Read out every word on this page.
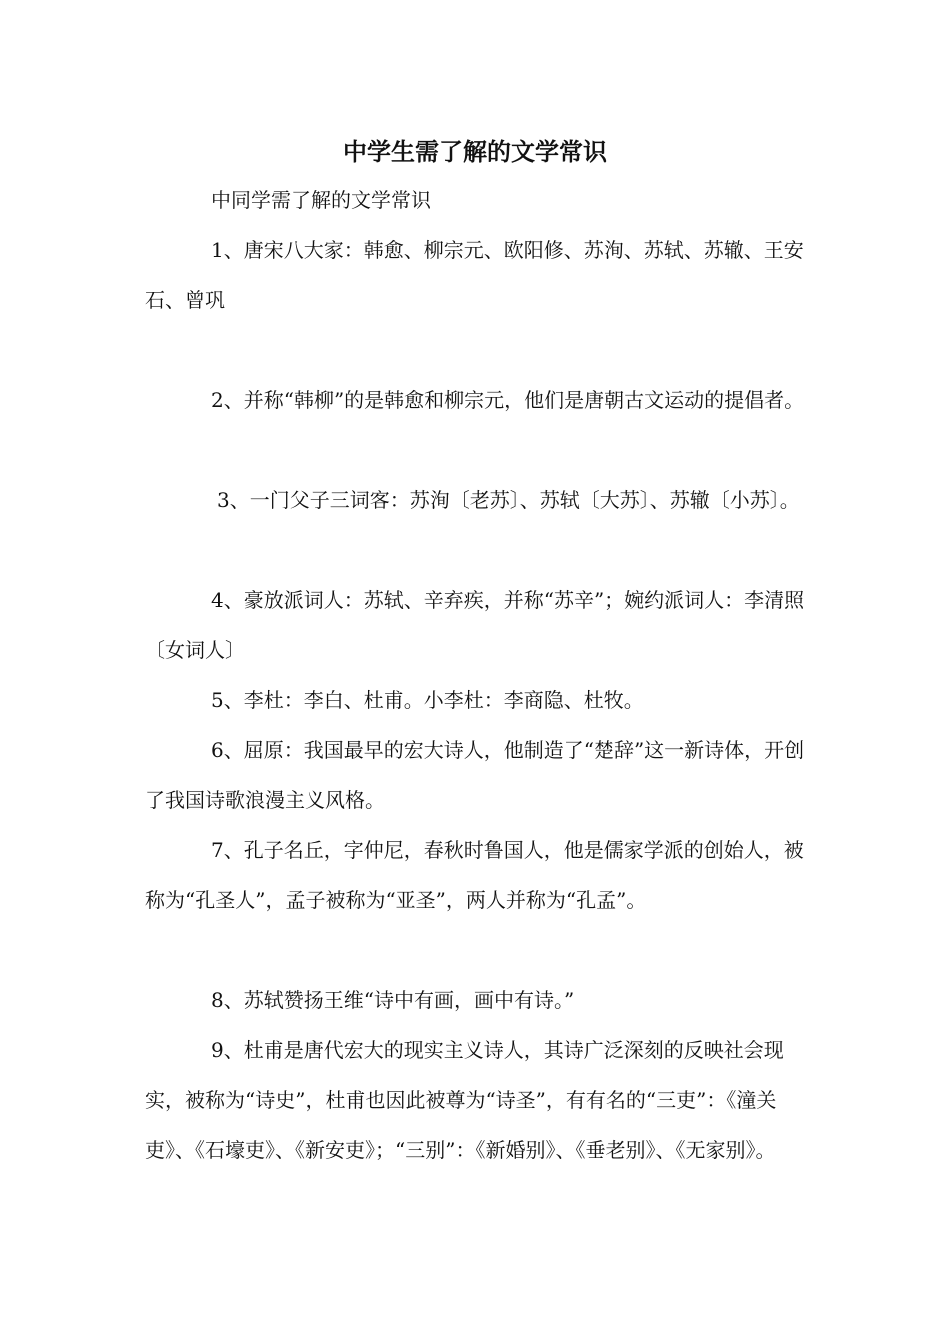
中学生需了解的文学常识
中同学需了解的文学常识
1、唐宋八大家：韩愈、柳宗元、欧阳修、苏洵、苏轼、苏辙、王安石、曾巩
2、并称“韩柳”的是韩愈和柳宗元，他们是唐朝古文运动的提倡者。
3、一门父子三词客：苏洵〔老苏〕、苏轼〔大苏〕、苏辙〔小苏〕。
4、豪放派词人：苏轼、辛弃疾，并称“苏辛”；婉约派词人：李清照〔女词人〕
5、李杜：李白、杜甫。小李杜：李商隐、杜牧。
6、屈原：我国最早的宏大诗人，他制造了“楚辞”这一新诗体，开创了我国诗歌浪漫主义风格。
7、孔子名丘，字仲尼，春秋时鲁国人，他是儒家学派的创始人，被称为“孔圣人”，孟子被称为“亚圣”，两人并称为“孔孟”。
8、苏轼赞扬王维“诗中有画，画中有诗。”
9、杜甫是唐代宏大的现实主义诗人，其诗广泛深刻的反映社会现实，被称为“诗史”，杜甫也因此被尊为“诗圣”，有有名的“三吏”：《潼关吏》、《石壕吏》、《新安吏》；“三别”：《新婚别》、《垂老别》、《无家别》。
